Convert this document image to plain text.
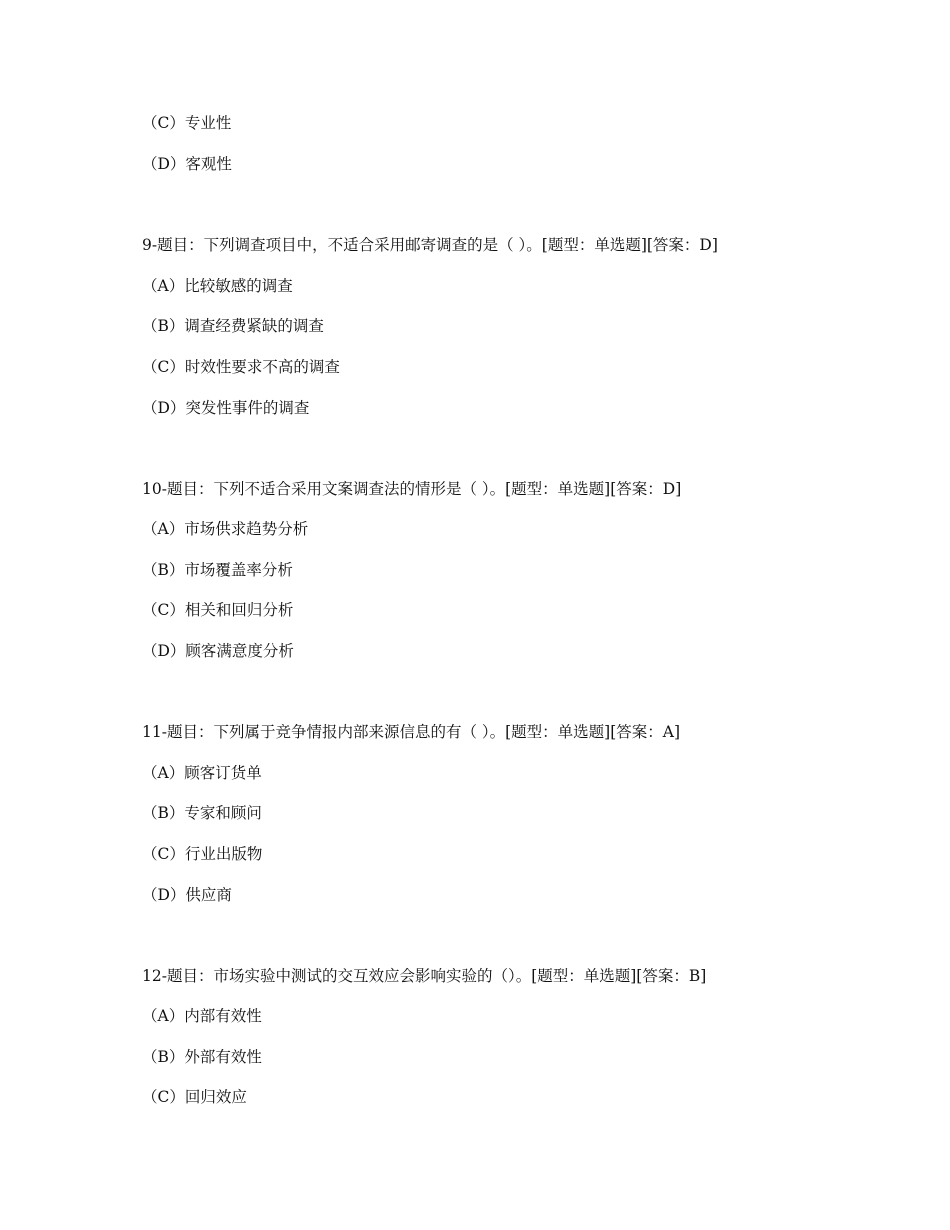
（C）专业性
（D）客观性
9-题目：下列调查项目中，不适合采用邮寄调查的是（ ）。[题型：单选题][答案：D]
（A）比较敏感的调查
（B）调查经费紧缺的调查
（C）时效性要求不高的调查
（D）突发性事件的调查
10-题目：下列不适合采用文案调查法的情形是（ ）。[题型：单选题][答案：D]
（A）市场供求趋势分析
（B）市场覆盖率分析
（C）相关和回归分析
（D）顾客满意度分析
11-题目：下列属于竞争情报内部来源信息的有（ ）。[题型：单选题][答案：A]
（A）顾客订货单
（B）专家和顾问
（C）行业出版物
（D）供应商
12-题目：市场实验中测试的交互效应会影响实验的（）。[题型：单选题][答案：B]
（A）内部有效性
（B）外部有效性
（C）回归效应
